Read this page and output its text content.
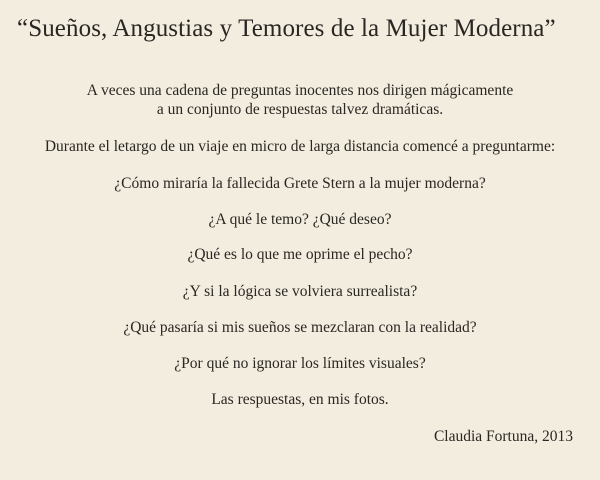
“Sueños, Angustias y Temores de la Mujer Moderna”

A veces una cadena de preguntas inocentes nos dirigen mágicamente

a un conjunto de respuestas talvez dramáticas.

Durante el letargo de un viaje en micro de larga distancia comencé a preguntarme:

¿Cómo miraría la fallecida Grete Stern a la mujer moderna?

¿A qué le temo? ¿Qué deseo?

¿Qué es lo que me oprime el pecho?

¿Y si la lógica se volviera surrealista?

¿Qué pasaría si mis sueños se mezclaran con la realidad?

¿Por qué no ignorar los límites visuales?

Las respuestas, en mis fotos.

Claudia Fortuna, 2013
